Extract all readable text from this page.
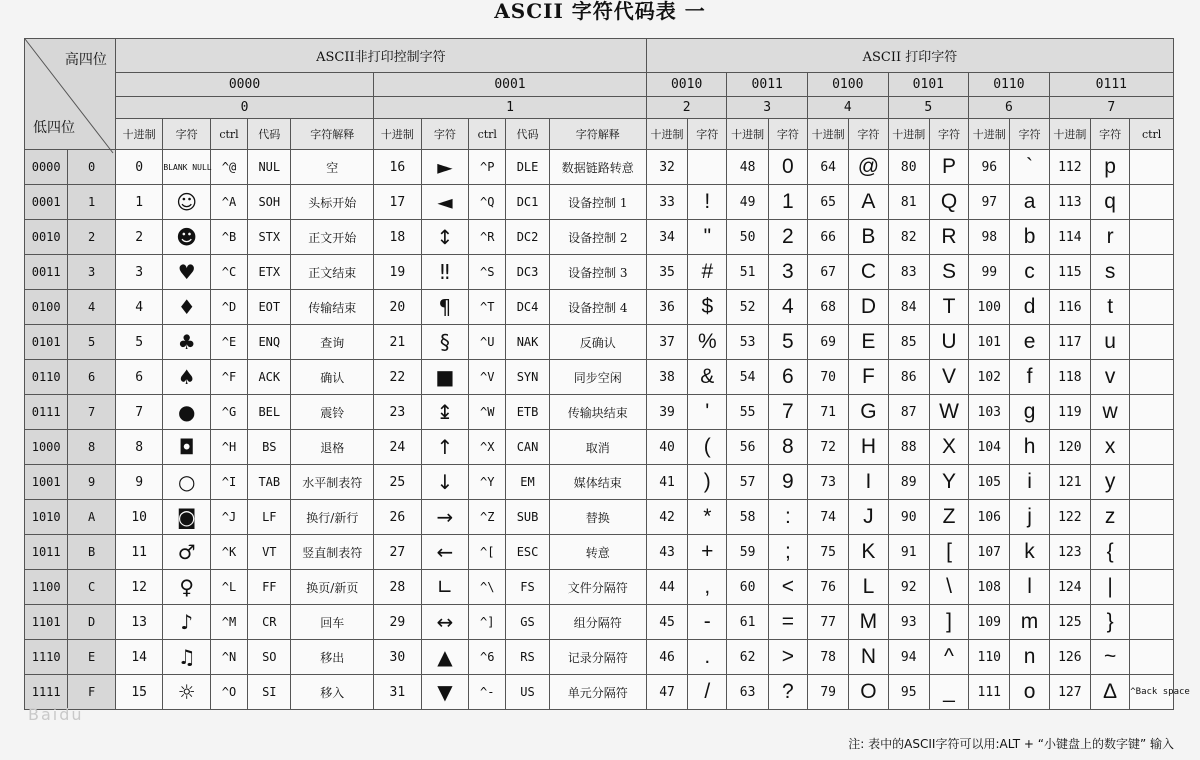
ASCII 字符代码表 一
高四位
低四位		ASCII非打印控制字符										ASCII 打印字符												
		0000					0001					0010		0011		0100		0101		0110		0111		
		0					1					2		3		4		5		6		7		
		十进制	字符	ctrl	代码	字符解释	十进制	字符	ctrl	代码	字符解释	十进制	字符	十进制	字符	十进制	字符	十进制	字符	十进制	字符	十进制	字符	ctrl
0000	0	0	BLANK NULL	^@	NUL	空	16	►	^P	DLE	数据链路转意	32		48	0	64	@	80	P	96	`	112	p	
0001	1	1	☺	^A	SOH	头标开始	17	◄	^Q	DC1	设备控制 1	33	!	49	1	65	A	81	Q	97	a	113	q	
0010	2	2	☻	^B	STX	正文开始	18	↕	^R	DC2	设备控制 2	34	"	50	2	66	B	82	R	98	b	114	r	
0011	3	3	♥	^C	ETX	正文结束	19	‼	^S	DC3	设备控制 3	35	#	51	3	67	C	83	S	99	c	115	s	
0100	4	4	♦	^D	EOT	传输结束	20	¶	^T	DC4	设备控制 4	36	$	52	4	68	D	84	T	100	d	116	t	
0101	5	5	♣	^E	ENQ	查询	21	§	^U	NAK	反确认	37	%	53	5	69	E	85	U	101	e	117	u	
0110	6	6	♠	^F	ACK	确认	22	■	^V	SYN	同步空闲	38	&	54	6	70	F	86	V	102	f	118	v	
0111	7	7	●	^G	BEL	震铃	23	↨	^W	ETB	传输块结束	39	'	55	7	71	G	87	W	103	g	119	w	
1000	8	8	◘	^H	BS	退格	24	↑	^X	CAN	取消	40	(	56	8	72	H	88	X	104	h	120	x	
1001	9	9	○	^I	TAB	水平制表符	25	↓	^Y	EM	媒体结束	41	)	57	9	73	I	89	Y	105	i	121	y	
1010	A	10	◙	^J	LF	换行/新行	26	→	^Z	SUB	替换	42	*	58	:	74	J	90	Z	106	j	122	z	
1011	B	11	♂	^K	VT	竖直制表符	27	←	^[	ESC	转意	43	+	59	;	75	K	91	[	107	k	123	{	
1100	C	12	♀	^L	FF	换页/新页	28	∟	^\	FS	文件分隔符	44	,	60	<	76	L	92	\	108	l	124	|	
1101	D	13	♪	^M	CR	回车	29	↔	^]	GS	组分隔符	45	-	61	=	77	M	93	]	109	m	125	}	
1110	E	14	♫	^N	SO	移出	30	▲	^6	RS	记录分隔符	46	.	62	>	78	N	94	^	110	n	126	~	
1111	F	15	☼	^O	SI	移入	31	▼	^-	US	单元分隔符	47	/	63	?	79	O	95	_	111	o	127	∆	^Back space
Baidu
注: 表中的ASCII字符可以用:ALT + “小键盘上的数字键” 输入
